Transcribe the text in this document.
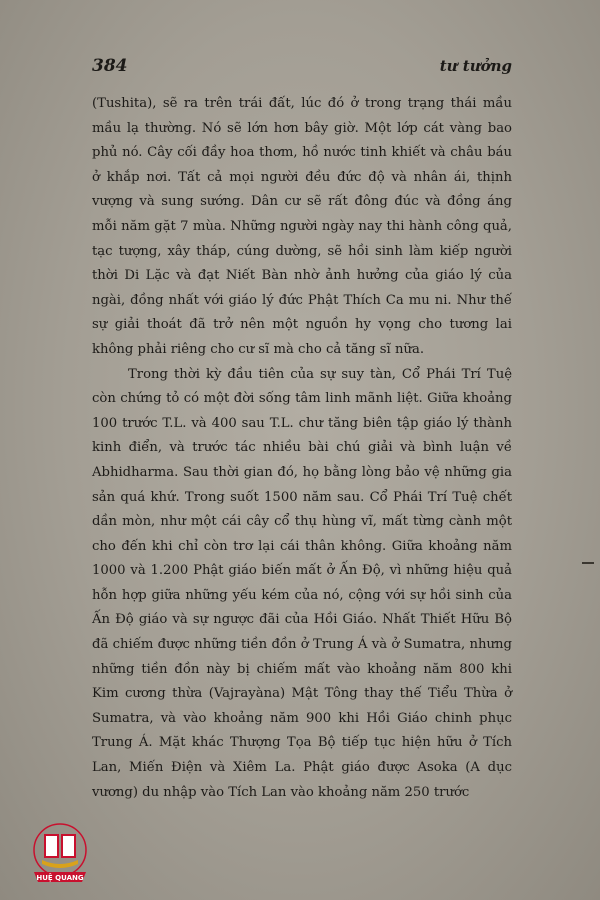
384	tư tưởng

(Tushita), sẽ ra trên trái đất, lúc đó ở trong trạng thái mầu mầu lạ thường. Nó sẽ lớn hơn bây giờ. Một lớp cát vàng bao phủ nó. Cây cối đầy hoa thơm, hồ nước tinh khiết và châu báu ở khắp nơi. Tất cả mọi người đều đức độ và nhân ái, thịnh vượng và sung sướng. Dân cư sẽ rất đông đúc và đồng áng mỗi năm gặt 7 mùa. Những người ngày nay thi hành công quả, tạc tượng, xây tháp, cúng dường, sẽ hồi sinh làm kiếp người thời Di Lặc và đạt Niết Bàn nhờ ảnh hưởng của giáo lý của ngài, đồng nhất với giáo lý đức Phật Thích Ca mu ni. Như thế sự giải thoát đã trở nên một nguồn hy vọng cho tương lai không phải riêng cho cư sĩ mà cho cả tăng sĩ nữa.

Trong thời kỳ đầu tiên của sự suy tàn, Cổ Phái Trí Tuệ còn chứng tỏ có một đời sống tâm linh mãnh liệt. Giữa khoảng 100 trước T.L. và 400 sau T.L. chư tăng biên tập giáo lý thành kinh điển, và trước tác nhiều bài chú giải và bình luận về Abhidharma. Sau thời gian đó, họ bằng lòng bảo vệ những gia sản quá khứ. Trong suốt 1500 năm sau. Cổ Phái Trí Tuệ chết dần mòn, như một cái cây cổ thụ hùng vĩ, mất từng cành một cho đến khi chỉ còn trơ lại cái thân không. Giữa khoảng năm 1000 và 1.200 Phật giáo biến mất ở Ấn Độ, vì những hiệu quả hỗn hợp giữa những yếu kém của nó, cộng với sự hồi sinh của Ấn Độ giáo và sự ngược đãi của Hồi Giáo. Nhất Thiết Hữu Bộ đã chiếm được những tiền đồn ở Trung Á và ở Sumatra, nhưng những tiền đồn này bị chiếm mất vào khoảng năm 800 khi Kim cương thừa (Vajrayàna) Mật Tông thay thế Tiểu Thừa ở Sumatra, và vào khoảng năm 900 khi Hồi Giáo chinh phục Trung Á. Mặt khác Thượng Tọa Bộ tiếp tục hiện hữu ở Tích Lan, Miến Điện và Xiêm La. Phật giáo được Asoka (A dục vương) du nhập vào Tích Lan vào khoảng năm 250 trước

HUỆ QUANG
